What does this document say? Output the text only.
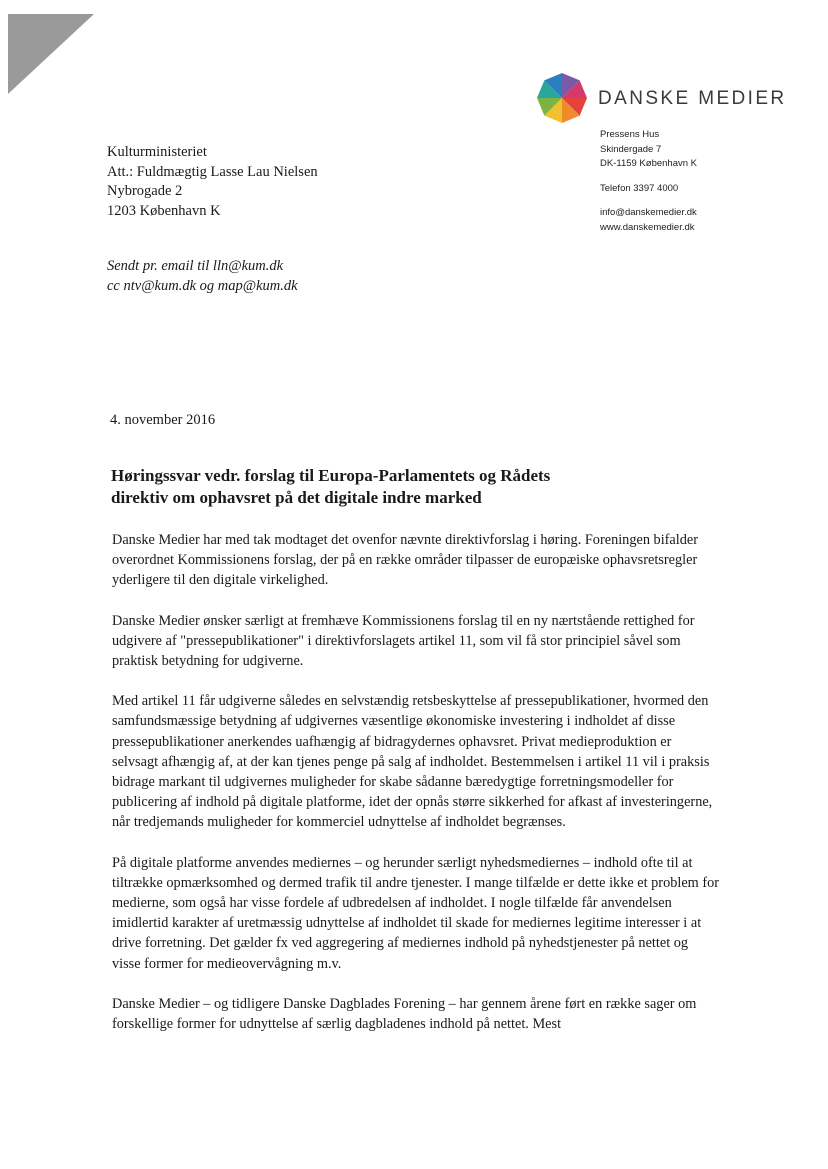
DANSKE MEDIER
Pressens Hus
Skindergade 7
DK-1159 København K
Telefon 3397 4000
info@danskemedier.dk
www.danskemedier.dk
Kulturministeriet
Att.: Fuldmægtig Lasse Lau Nielsen
Nybrogade 2
1203 København K
Sendt pr. email til lln@kum.dk
cc ntv@kum.dk og map@kum.dk
4. november 2016
Høringssvar vedr. forslag til Europa-Parlamentets og Rådets
direktiv om ophavsret på det digitale indre marked

Danske Medier har med tak modtaget det ovenfor nævnte direktivforslag i høring. Foreningen bifalder overordnet Kommissionens forslag, der på en række områder tilpasser de europæiske ophavsretsregler yderligere til den digitale virkelighed.

Danske Medier ønsker særligt at fremhæve Kommissionens forslag til en ny nærtstående rettighed for udgivere af "pressepublikationer" i direktivforslagets artikel 11, som vil få stor principiel såvel som praktisk betydning for udgiverne.

Med artikel 11 får udgiverne således en selvstændig retsbeskyttelse af pressepublikationer, hvormed den samfundsmæssige betydning af udgivernes væsentlige økonomiske investering i indholdet af disse pressepublikationer anerkendes uafhængig af bidragydernes ophavsret. Privat medieproduktion er selvsagt afhængig af, at der kan tjenes penge på salg af indholdet. Bestemmelsen i artikel 11 vil i praksis bidrage markant til udgivernes muligheder for skabe sådanne bæredygtige forretningsmodeller for publicering af indhold på digitale platforme, idet der opnås større sikkerhed for afkast af investeringerne, når tredjemands muligheder for kommerciel udnyttelse af indholdet begrænses.

På digitale platforme anvendes mediernes – og herunder særligt nyhedsmediernes – indhold ofte til at tiltrække opmærksomhed og dermed trafik til andre tjenester. I mange tilfælde er dette ikke et problem for medierne, som også har visse fordele af udbredelsen af indholdet. I nogle tilfælde får anvendelsen imidlertid karakter af uretmæssig udnyttelse af indholdet til skade for mediernes legitime interesser i at drive forretning. Det gælder fx ved aggregering af mediernes indhold på nyhedstjenester på nettet og visse former for medieovervågning m.v.

Danske Medier – og tidligere Danske Dagblades Forening – har gennem årene ført en række sager om forskellige former for udnyttelse af særlig dagbladenes indhold på nettet. Mest
